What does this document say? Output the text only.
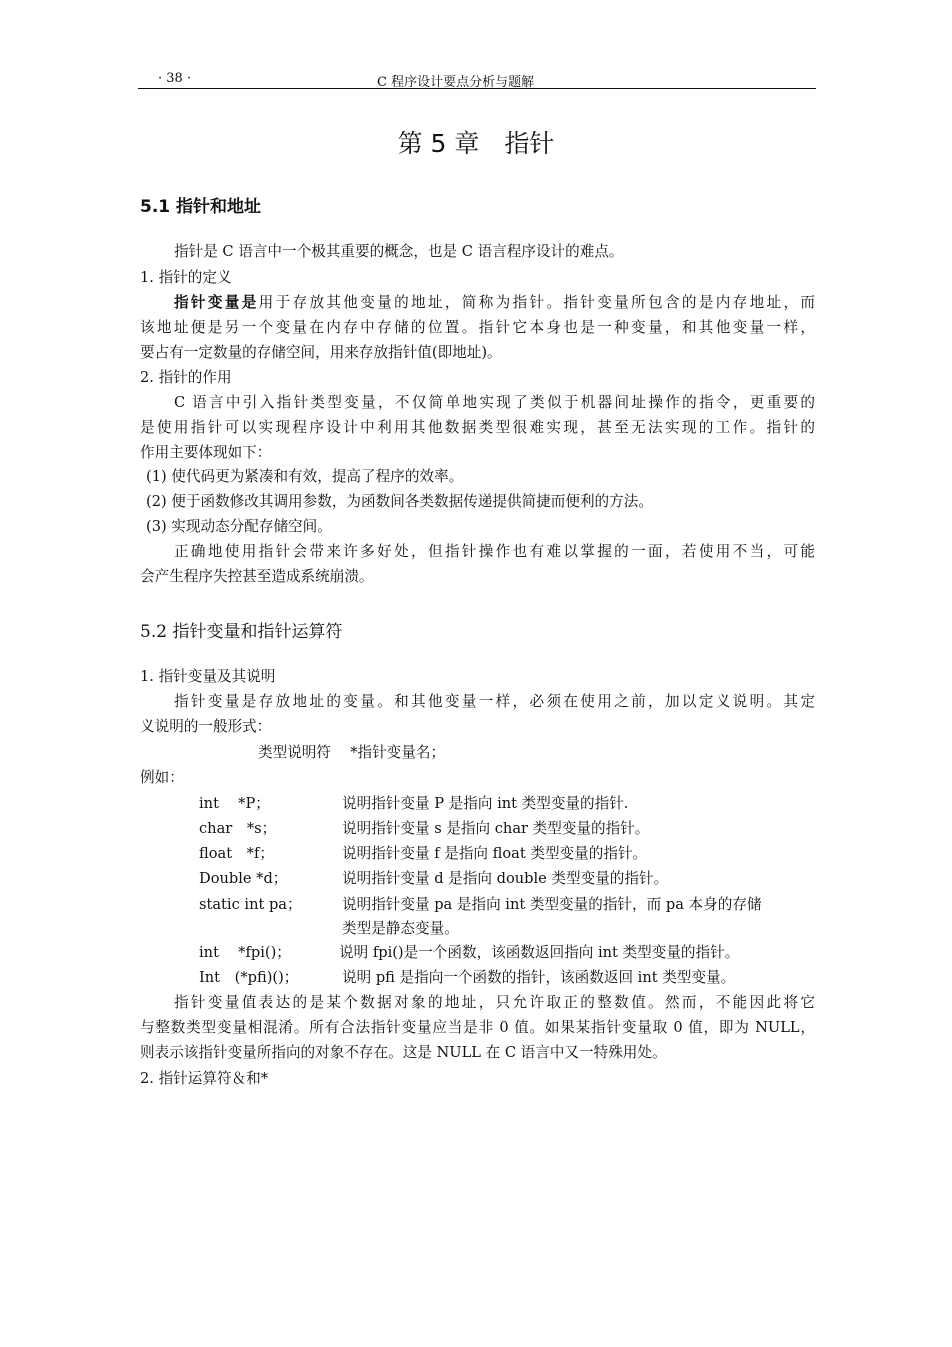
· 38 ·	C 程序设计要点分析与题解
第 5 章　指针
5.1 指针和地址
指针是 C 语言中一个极其重要的概念，也是 C 语言程序设计的难点。
1. 指针的定义
指针变量是用于存放其他变量的地址，简称为指针。指针变量所包含的是内存地址，而
该地址便是另一个变量在内存中存储的位置。指针它本身也是一种变量，和其他变量一样，
要占有一定数量的存储空间，用来存放指针值(即地址)。
2. 指针的作用
C 语言中引入指针类型变量，不仅简单地实现了类似于机器间址操作的指令，更重要的
是使用指针可以实现程序设计中利用其他数据类型很难实现，甚至无法实现的工作。指针的
作用主要体现如下：
(1) 使代码更为紧凑和有效，提高了程序的效率。
(2) 便于函数修改其调用参数，为函数间各类数据传递提供简捷而便利的方法。
(3) 实现动态分配存储空间。
正确地使用指针会带来许多好处，但指针操作也有难以掌握的一面，若使用不当，可能
会产生程序失控甚至造成系统崩溃。
5.2 指针变量和指针运算符
1. 指针变量及其说明
指针变量是存放地址的变量。和其他变量一样，必须在使用之前，加以定义说明。其定
义说明的一般形式：
类型说明符　 *指针变量名；
例如：
int　 *P；	说明指针变量 P 是指向 int 类型变量的指针.
char　*s；	说明指针变量 s 是指向 char 类型变量的指针。
float　*f；	说明指针变量 f 是指向 float 类型变量的指针。
Double *d；	说明指针变量 d 是指向 double 类型变量的指针。
static int pa；	说明指针变量 pa 是指向 int 类型变量的指针，而 pa 本身的存储
类型是静态变量。
int　 *fpi()；	说明 fpi()是一个函数，该函数返回指向 int 类型变量的指针。
Int　(*pfi)()；	说明 pfi 是指向一个函数的指针，该函数返回 int 类型变量。
指针变量值表达的是某个数据对象的地址，只允许取正的整数值。然而，不能因此将它
与整数类型变量相混淆。所有合法指针变量应当是非 0 值。如果某指针变量取 0 值，即为 NULL，
则表示该指针变量所指向的对象不存在。这是 NULL 在 C 语言中又一特殊用处。
2. 指针运算符＆和*
